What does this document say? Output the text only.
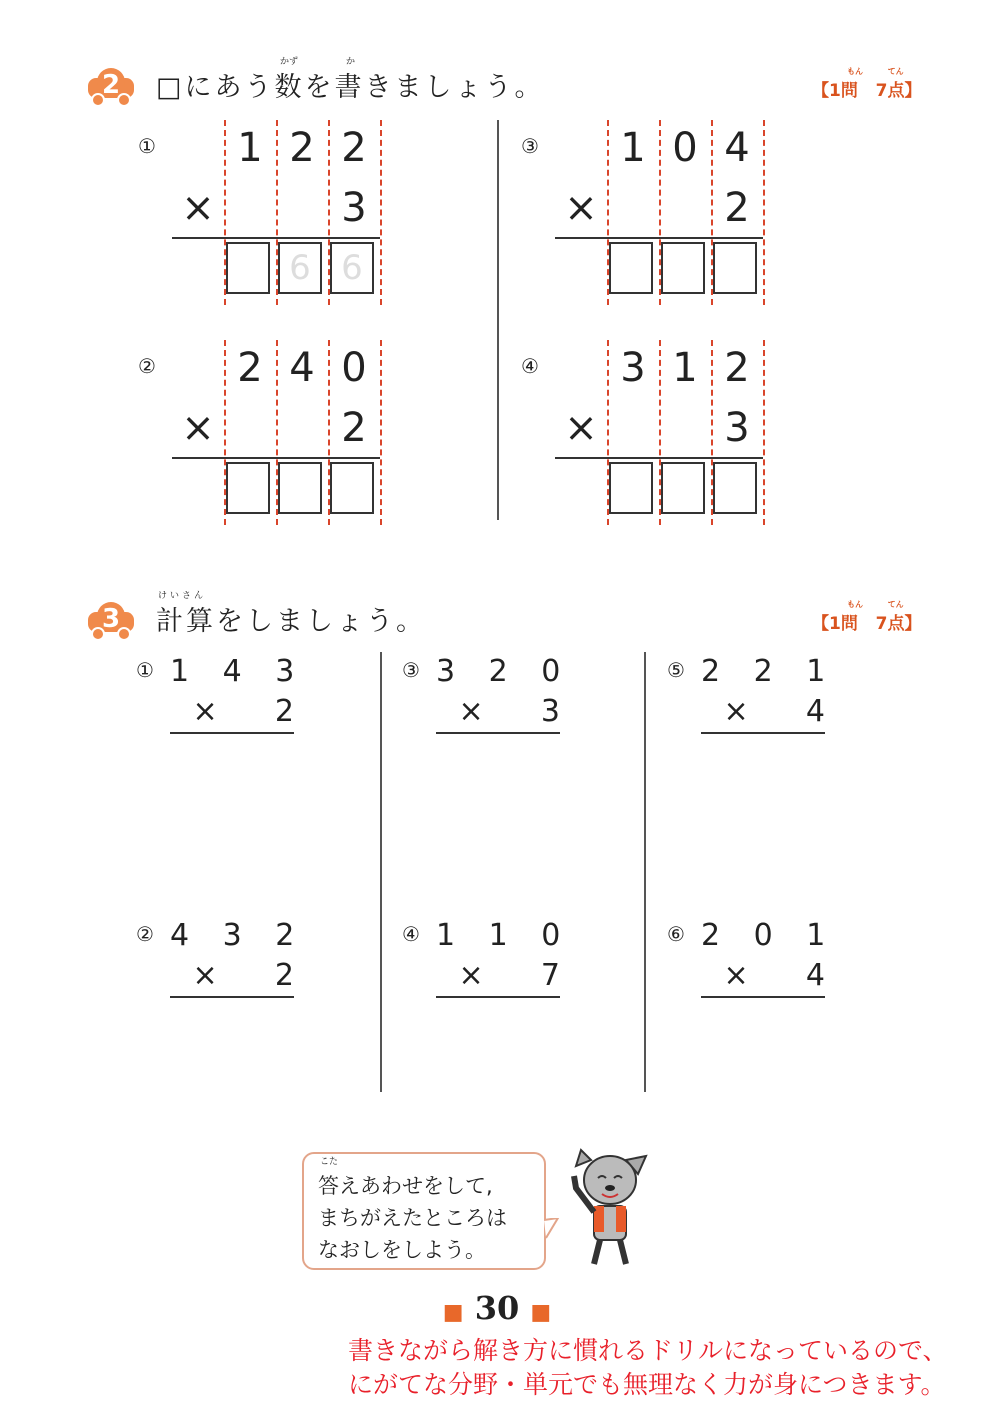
2
かず	か
□にあう数を書きましょう。	【
もん
1問
てん
7点】
①	1 2 2
×	3
6 6
②	2 4 0
×	2
③	1 0 4
×	2
④	3 1 2
×	3
3
けいさん
計算をしましょう。	【
もん
1問
てん
7点】
① 1 4 3
×      2
② 4 3 2
×      2
③ 3 2 0
×      3
④ 1 1 0
×      7
⑤ 2 2 1
×      4
⑥ 2 0 1
×      4
こた
答えあわせをして,
まちがえたところは
なおしをしよう。
■ 30 ■
書きながら解き方に慣れるドリルになっているので、
にがてな分野・単元でも無理なく力が身につきます。
